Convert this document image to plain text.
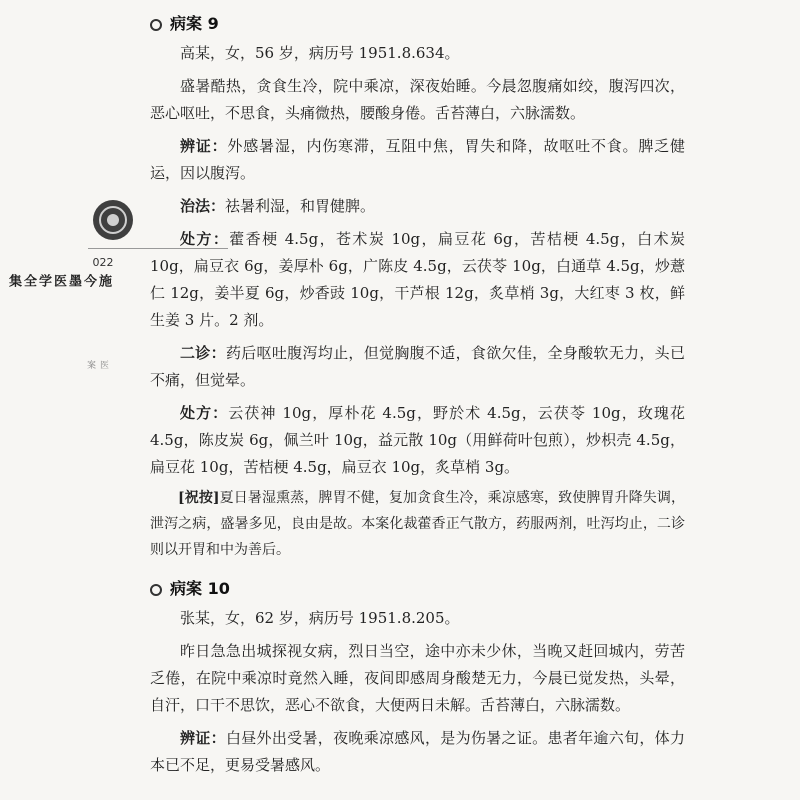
022
施今墨医学全集
医案
病案 9

高某，女，56 岁，病历号 1951.8.634。

盛暑酷热，贪食生冷，院中乘凉，深夜始睡。今晨忽腹痛如绞，腹泻四次，恶心呕吐，不思食，头痛微热，腰酸身倦。舌苔薄白，六脉濡数。

辨证：外感暑湿，内伤寒滞，互阻中焦，胃失和降，故呕吐不食。脾乏健运，因以腹泻。

治法：祛暑利湿，和胃健脾。

处方：藿香梗 4.5g，苍术炭 10g，扁豆花 6g，苦桔梗 4.5g，白术炭 10g，扁豆衣 6g，姜厚朴 6g，广陈皮 4.5g，云茯苓 10g，白通草 4.5g，炒薏仁 12g，姜半夏 6g，炒香豉 10g，干芦根 12g，炙草梢 3g，大红枣 3 枚，鲜生姜 3 片。2 剂。

二诊：药后呕吐腹泻均止，但觉胸腹不适，食欲欠佳，全身酸软无力，头已不痛，但觉晕。

处方：云茯神 10g，厚朴花 4.5g，野於术 4.5g，云茯苓 10g，玫瑰花 4.5g，陈皮炭 6g，佩兰叶 10g，益元散 10g（用鲜荷叶包煎），炒枳壳 4.5g，扁豆花 10g，苦桔梗 4.5g，扁豆衣 10g，炙草梢 3g。

[祝按]夏日暑湿熏蒸，脾胃不健，复加贪食生冷，乘凉感寒，致使脾胃升降失调，泄泻之病，盛暑多见，良由是故。本案化裁藿香正气散方，药服两剂，吐泻均止，二诊则以开胃和中为善后。

病案 10

张某，女，62 岁，病历号 1951.8.205。

昨日急急出城探视女病，烈日当空，途中亦未少休，当晚又赶回城内，劳苦乏倦，在院中乘凉时竟然入睡，夜间即感周身酸楚无力，今晨已觉发热，头晕，自汗，口干不思饮，恶心不欲食，大便两日未解。舌苔薄白，六脉濡数。

辨证：白昼外出受暑，夜晚乘凉感风，是为伤暑之证。患者年逾六旬，体力本已不足，更易受暑感风。
